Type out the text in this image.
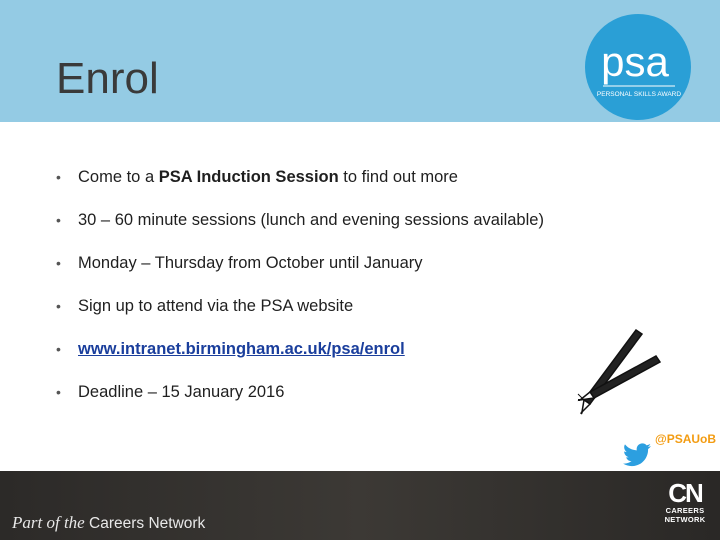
Enrol	psa
PERSONAL SKILLS AWARD
• Come to a PSA Induction Session to find out more
• 30 – 60 minute sessions (lunch and evening sessions available)
• Monday – Thursday from October until January
• Sign up to attend via the PSA website
• www.intranet.birmingham.ac.uk/psa/enrol
• Deadline – 15 January 2016
@PSAUoB
Part of the Careers Network
CN
CAREERS
NETWORK
